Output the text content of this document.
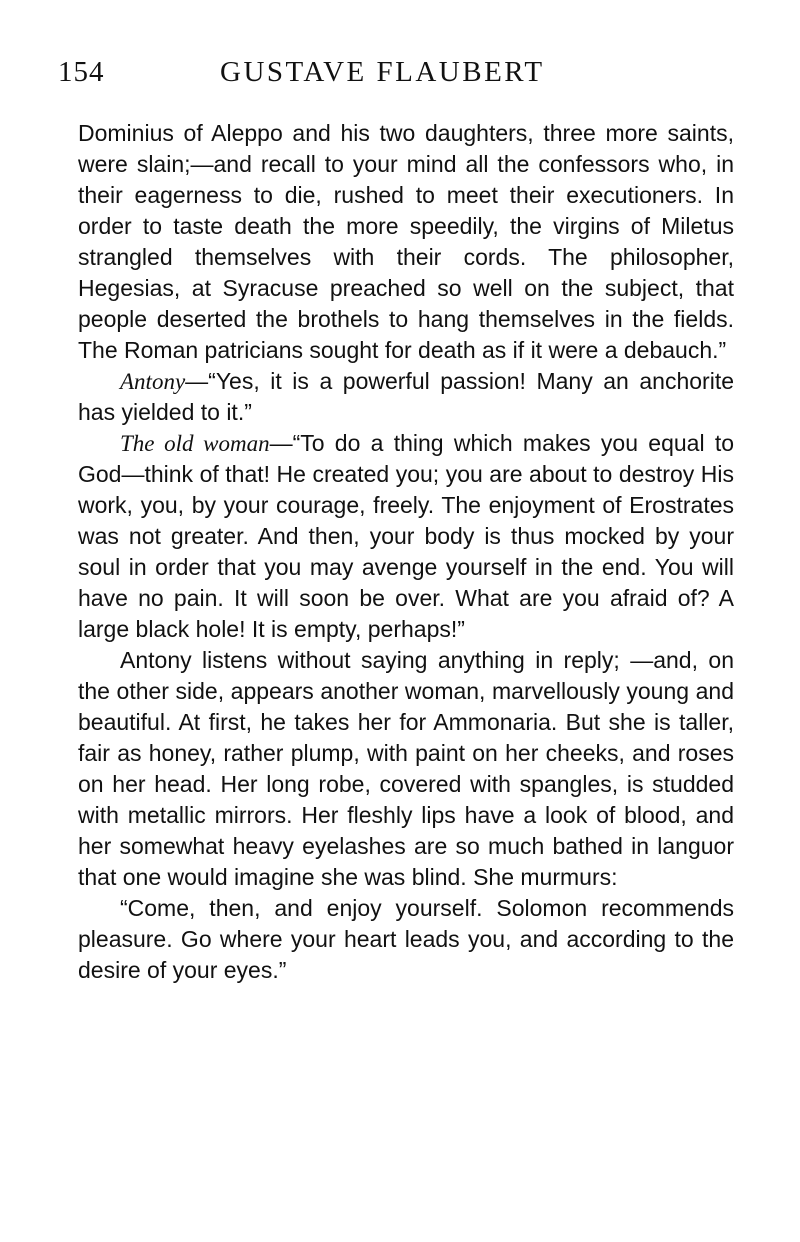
154	GUSTAVE FLAUBERT

Dominius of Aleppo and his two daughters, three more saints, were slain;—and recall to your mind all the confessors who, in their eagerness to die, rushed to meet their executioners. In order to taste death the more speedily, the virgins of Miletus strangled themselves with their cords. The philosopher, Hegesias, at Syracuse preached so well on the subject, that people deserted the brothels to hang themselves in the fields. The Roman patricians sought for death as if it were a debauch.”

Antony—“Yes, it is a powerful passion! Many an anchorite has yielded to it.”

The old woman—“To do a thing which makes you equal to God—think of that! He created you; you are about to destroy His work, you, by your courage, freely. The enjoyment of Erostrates was not greater. And then, your body is thus mocked by your soul in order that you may avenge yourself in the end. You will have no pain. It will soon be over. What are you afraid of? A large black hole! It is empty, perhaps!”

Antony listens without saying anything in reply; —and, on the other side, appears another woman, marvellously young and beautiful. At first, he takes her for Ammonaria. But she is taller, fair as honey, rather plump, with paint on her cheeks, and roses on her head. Her long robe, covered with spangles, is studded with metallic mirrors. Her fleshly lips have a look of blood, and her somewhat heavy eyelashes are so much bathed in languor that one would imagine she was blind. She murmurs:

“Come, then, and enjoy yourself. Solomon recommends pleasure. Go where your heart leads you, and according to the desire of your eyes.”
